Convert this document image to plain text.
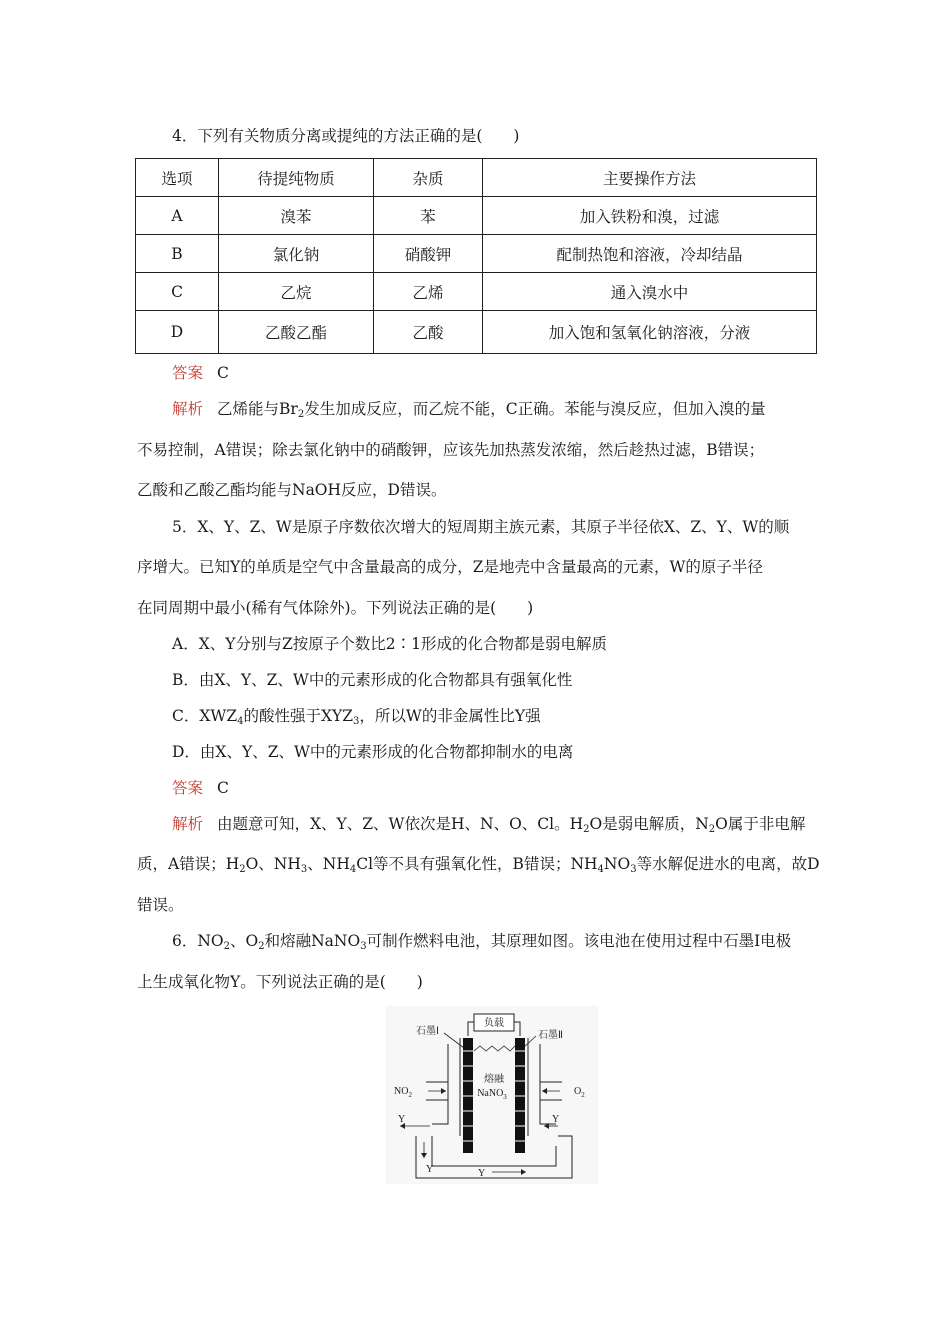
4．下列有关物质分离或提纯的方法正确的是(　　)
选项	待提纯物质	杂质	主要操作方法
A	溴苯	苯	加入铁粉和溴，过滤
B	氯化钠	硝酸钾	配制热饱和溶液，冷却结晶
C	乙烷	乙烯	通入溴水中
D	乙酸乙酯	乙酸	加入饱和氢氧化钠溶液，分液
答案 C
解析 乙烯能与$Br_2$发生加成反应，而乙烷不能，C正确。苯能与溴反应，但加入溴的量
不易控制，A错误；除去氯化钠中的硝酸钾，应该先加热蒸发浓缩，然后趁热过滤，B错误；
乙酸和乙酸乙酯均能与NaOH反应，D错误。
5．X、Y、Z、W是原子序数依次增大的短周期主族元素，其原子半径依X、Z、Y、W的顺
序增大。已知Y的单质是空气中含量最高的成分，Z是地壳中含量最高的元素，W的原子半径
在同周期中最小(稀有气体除外)。下列说法正确的是(　　)
A．X、Y分别与Z按原子个数比2∶1形成的化合物都是弱电解质
B．由X、Y、Z、W中的元素形成的化合物都具有强氧化性
C．$XWZ_4$的酸性强于$XYZ_3$，所以W的非金属性比Y强
D．由X、Y、Z、W中的元素形成的化合物都抑制水的电离
答案 C
解析 由题意可知，X、Y、Z、W依次是H、N、O、Cl。$H_2O$是弱电解质，$N_2O$属于非电解
质，A错误；$H_2O$、$NH_3$、$NH_4Cl$等不具有强氧化性，B错误；$NH_4NO_3$等水解促进水的电离，故D
错误。
6．$NO_2$、$O_2$和熔融NaNO$_3$可制作燃料电池，其原理如图。该电池在使用过程中石墨Ⅰ电极
上生成氧化物Y。下列说法正确的是(　　)
负载
石墨Ⅰ	石墨Ⅱ
熔融
NaNO$_3$
$NO_2$	$O_2$
Y	Y
Y	Y
